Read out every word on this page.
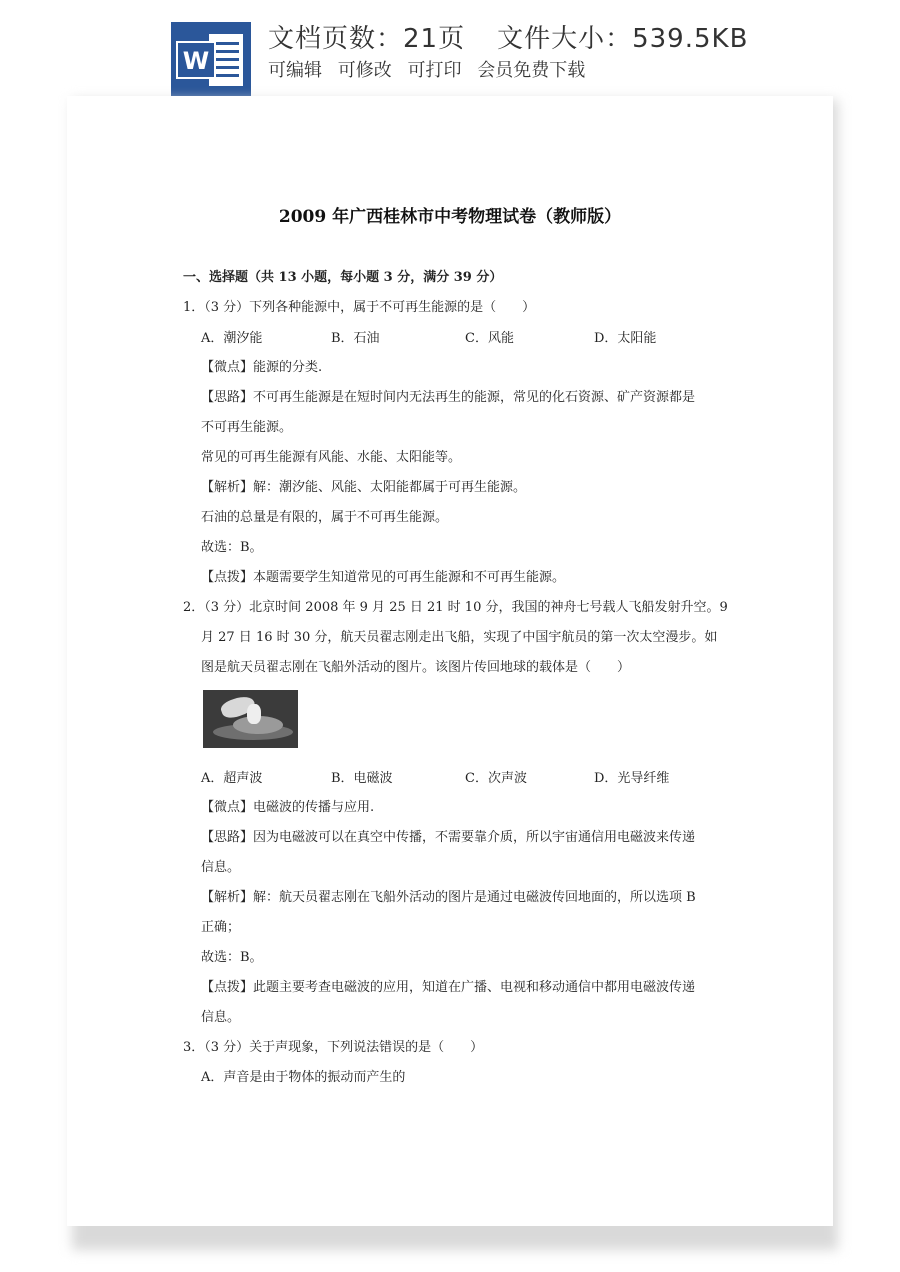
W
文档页数：21页 文件大小：539.5KB
可编辑 可修改 可打印 会员免费下载
2009 年广西桂林市中考物理试卷（教师版）
一、选择题（共 13 小题，每小题 3 分，满分 39 分）
1．（3 分）下列各种能源中，属于不可再生能源的是（　　）
A．潮汐能	B．石油	C．风能	D．太阳能
【微点】能源的分类.
【思路】不可再生能源是在短时间内无法再生的能源，常见的化石资源、矿产资源都是
不可再生能源。
常见的可再生能源有风能、水能、太阳能等。
【解析】解：潮汐能、风能、太阳能都属于可再生能源。
石油的总量是有限的，属于不可再生能源。
故选：B。
【点拨】本题需要学生知道常见的可再生能源和不可再生能源。
2．（3 分）北京时间 2008 年 9 月 25 日 21 时 10 分，我国的神舟七号载人飞船发射升空。9
月 27 日 16 时 30 分，航天员翟志刚走出飞船，实现了中国宇航员的第一次太空漫步。如
图是航天员翟志刚在飞船外活动的图片。该图片传回地球的载体是（　　）
A．超声波	B．电磁波	C．次声波	D．光导纤维
【微点】电磁波的传播与应用.
【思路】因为电磁波可以在真空中传播，不需要靠介质，所以宇宙通信用电磁波来传递
信息。
【解析】解：航天员翟志刚在飞船外活动的图片是通过电磁波传回地面的，所以选项 B
正确；
故选：B。
【点拨】此题主要考查电磁波的应用，知道在广播、电视和移动通信中都用电磁波传递
信息。
3．（3 分）关于声现象，下列说法错误的是（　　）
A．声音是由于物体的振动而产生的
